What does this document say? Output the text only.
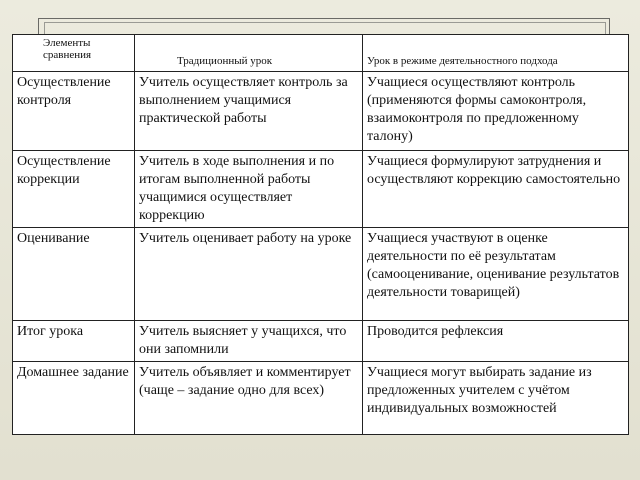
Элементы сравнения	Традиционный урок	Урок в режиме деятельностного подхода
Осуществление контроля	Учитель осуществляет контроль за выполнением учащимися практической работы	Учащиеся осуществляют контроль (применяются формы самоконтроля, взаимоконтроля по предложенному талону)
Осуществление коррекции	Учитель в ходе выполнения и по итогам выполненной работы учащимися осуществляет коррекцию	Учащиеся формулируют затруднения и осуществляют коррекцию самостоятельно
Оценивание	Учитель оценивает работу на уроке	Учащиеся участвуют в оценке деятельности по её результатам (самооценивание, оценивание результатов деятельности товарищей)
Итог урока	Учитель выясняет у учащихся, что они запомнили	Проводится рефлексия
Домашнее задание	Учитель объявляет и комментирует (чаще – задание одно для всех)	Учащиеся могут выбирать задание из предложенных учителем с учётом индивидуальных возможностей
